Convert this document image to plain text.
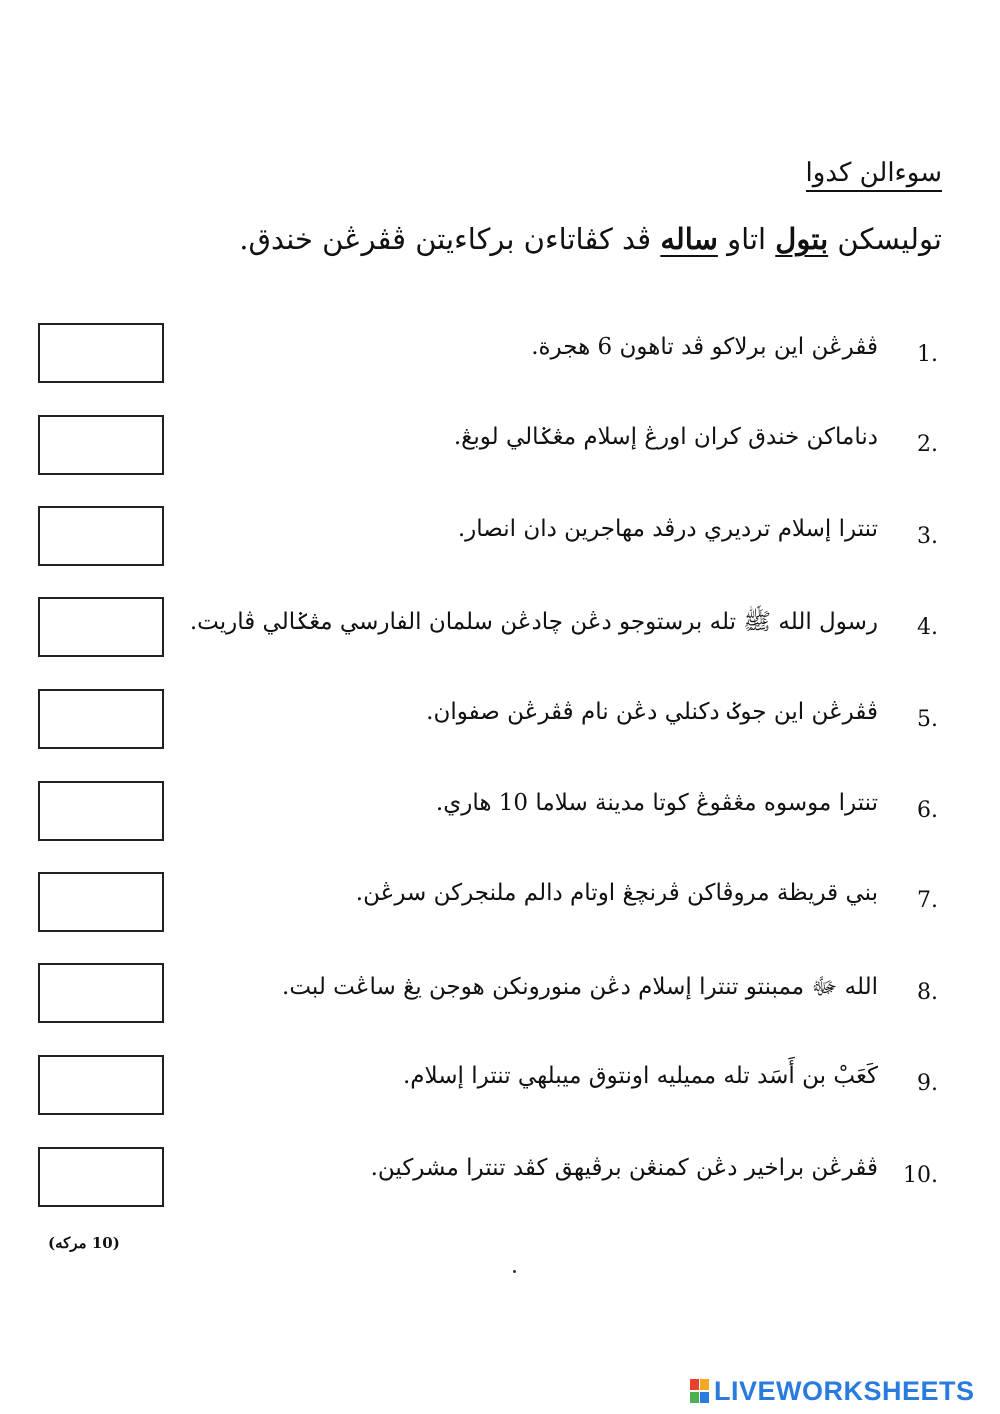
سوءالن كدوا
توليسكن بتول اتاو ساله ڤد كڤاتاءن بركاءيتن ڤڤرڠن خندق.
1.
ڤڤرڠن اين برلاكو ڤد تاهون 6 هجرة.
2.
دناماكن خندق كران اورڠ إسلام مڠݢالي لوبڠ.
3.
تنترا إسلام ترديري درڤد مهاجرين دان انصار.
4.
رسول الله ﷺ تله برستوجو دڠن چادڠن سلمان الفارسي مڠݢالي ڤاريت.
5.
ڤڤرڠن اين جوݢ دكنلي دڠن نام ڤڤرڠن صفوان.
6.
تنترا موسوه مڠڤوڠ كوتا مدينة سلاما 10 هاري.
7.
بني قريظة مروڤاكن ڤرنچڠ اوتام دالم ملنجركن سرڠن.
8.
الله ﷻ ممبنتو تنترا إسلام دڠن منورونكن هوجن يڠ ساڠت لبت.
9.
كَعَبْ بن أَسَد تله مميليه اونتوق ميبلهي تنترا إسلام.
10.
ڤڤرڠن براخير دڠن كمنڠن برڤيهق كڤد تنترا مشركين.
(10 مركه)
LIVEWORKSHEETS
